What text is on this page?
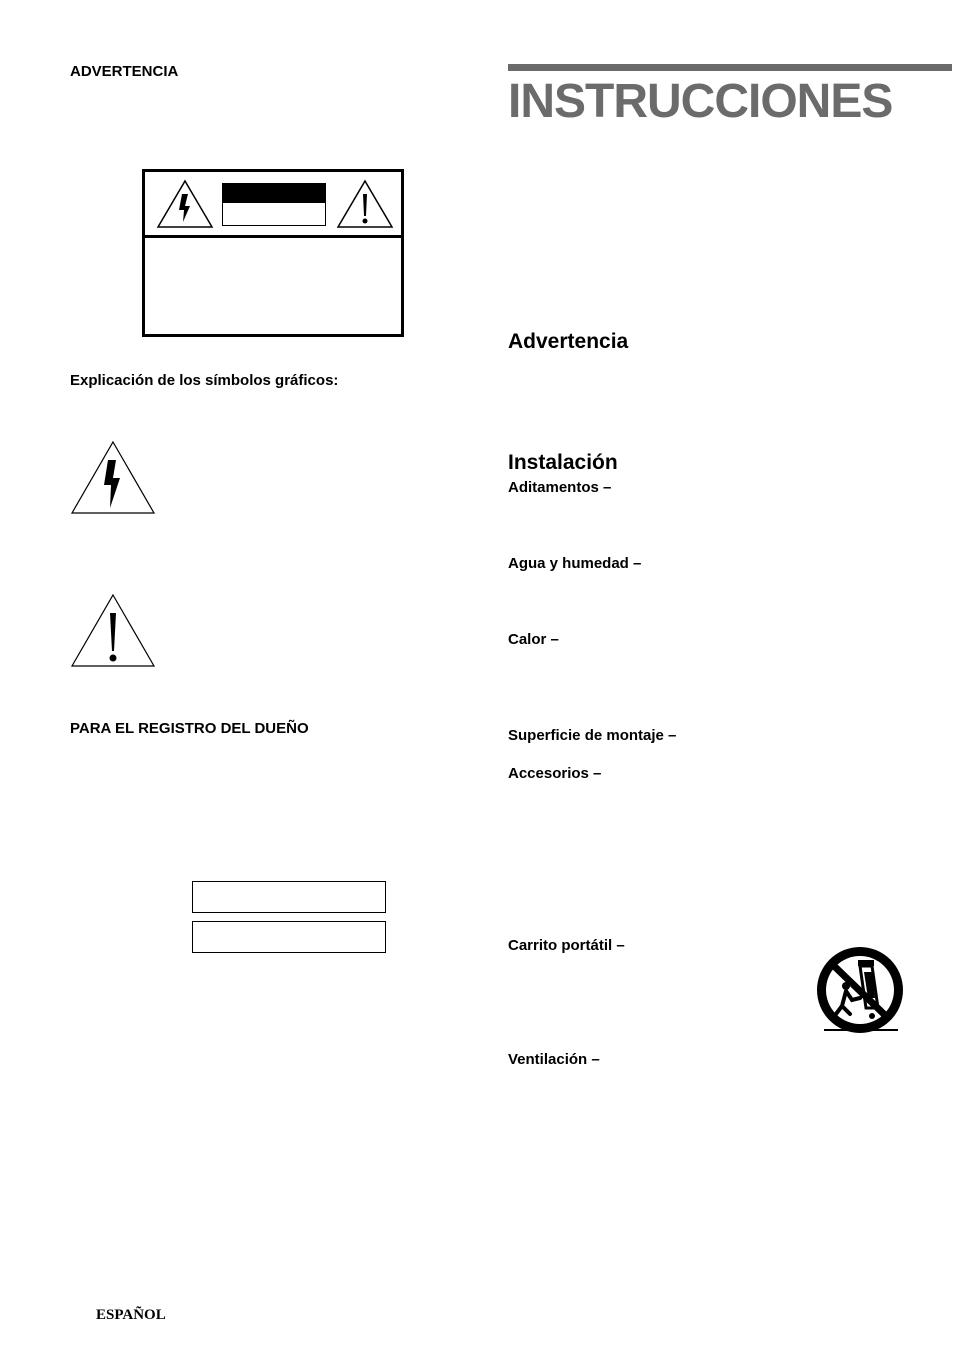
ADVERTENCIA
Explicación de los símbolos gráficos:
PARA EL REGISTRO DEL DUEÑO
ESPAÑOL
INSTRUCCIONES
Advertencia
Instalación
Aditamentos –
Agua y humedad –
Calor –
Superficie de montaje –
Accesorios –
Carrito portátil –
Ventilación –
